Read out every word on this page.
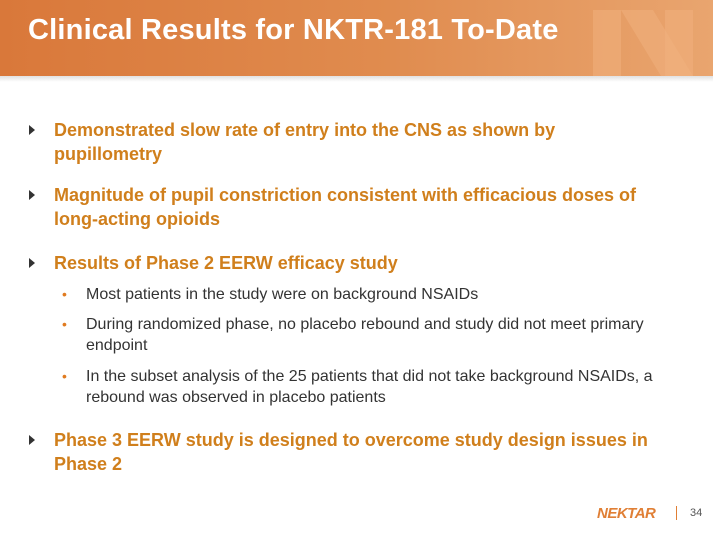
Clinical Results for NKTR-181 To-Date
Demonstrated slow rate of entry into the CNS as shown by pupillometry
Magnitude of pupil constriction consistent with efficacious doses of long-acting opioids
Results of Phase 2 EERW efficacy study
• Most patients in the study were on background NSAIDs
• During randomized phase, no placebo rebound and study did not meet primary endpoint
• In the subset analysis of the 25 patients that did not take background NSAIDs, a rebound was observed in placebo patients
Phase 3 EERW study is designed to overcome study design issues in Phase 2
NEKTAR	34
